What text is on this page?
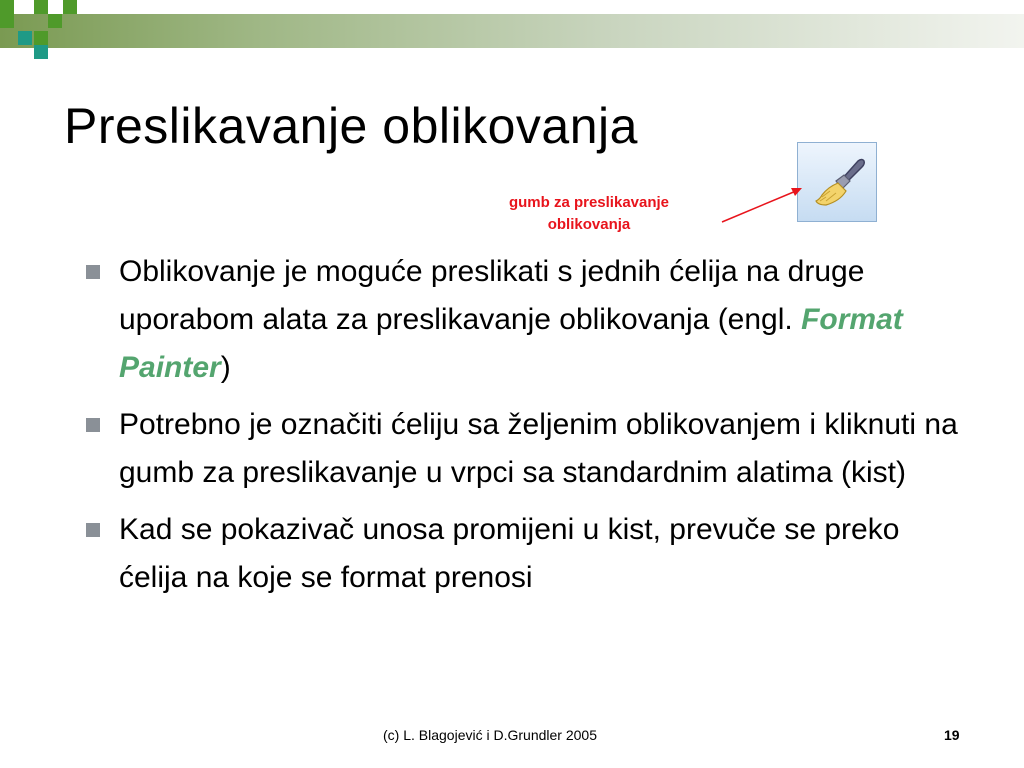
Preslikavanje oblikovanja
gumb za preslikavanje
oblikovanja
Oblikovanje je moguće preslikati s jednih ćelija na druge uporabom alata za preslikavanje oblikovanja (engl. Format Painter)
Potrebno je označiti ćeliju sa željenim oblikovanjem i kliknuti na gumb za preslikavanje u vrpci sa standardnim alatima (kist)
Kad se pokazivač unosa promijeni u kist, prevuče se preko ćelija na koje se format prenosi
(c) L. Blagojević i D.Grundler 2005	19
